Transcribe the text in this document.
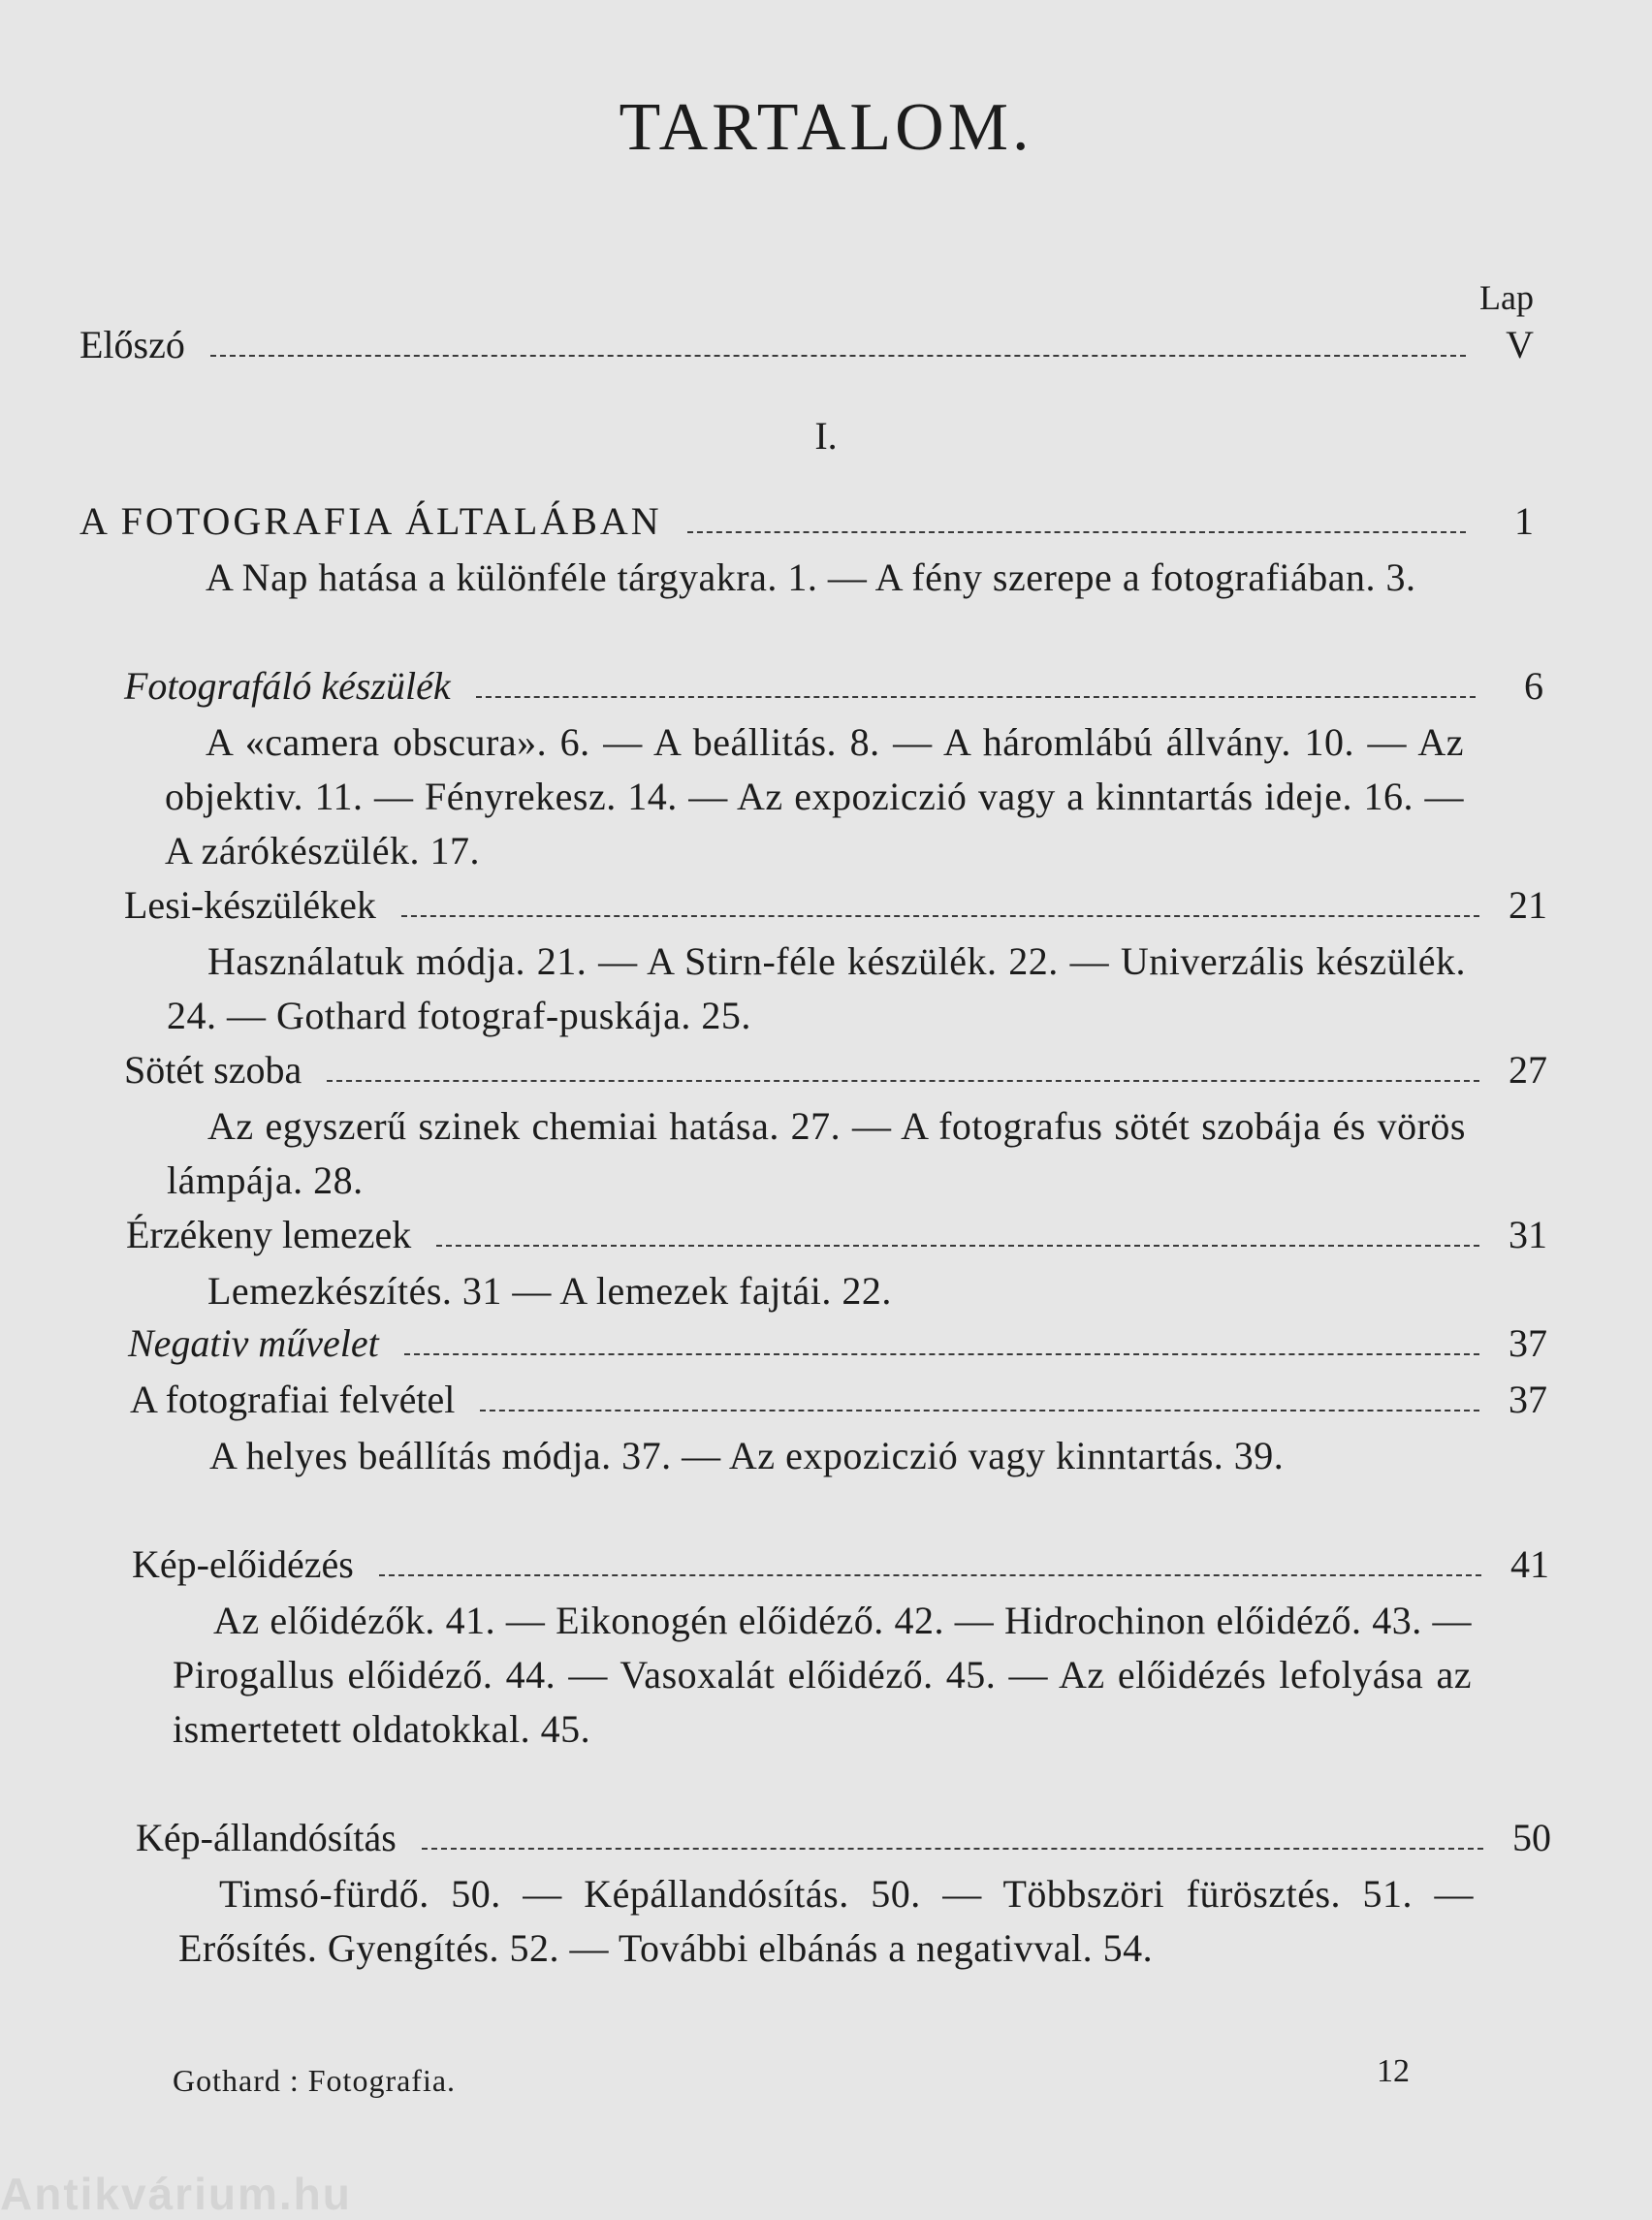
TARTALOM.
Lap
Előszó	V
I.
A FOTOGRAFIA ÁLTALÁBAN	1
A Nap hatása a különféle tárgyakra. 1. — A fény szerepe a fotografiában. 3.
Fotografáló készülék	6
A «camera obscura». 6. — A beállitás. 8. — A háromlábú állvány. 10. — Az objektiv. 11. — Fényrekesz. 14. — Az expoziczió vagy a kinntartás ideje. 16. — A zárókészülék. 17.
Lesi-készülékek	21
Használatuk módja. 21. — A Stirn-féle készülék. 22. — Univerzális készülék. 24. — Gothard fotograf-puskája. 25.
Sötét szoba	27
Az egyszerű szinek chemiai hatása. 27. — A fotografus sötét szobája és vörös lámpája. 28.
Érzékeny lemezek	31
Lemezkészítés. 31 — A lemezek fajtái. 22.
Negativ művelet	37
A fotografiai felvétel	37
A helyes beállítás módja. 37. — Az expoziczió vagy kinntartás. 39.
Kép-előidézés	41
Az előidézők. 41. — Eikonogén előidéző. 42. — Hidrochinon előidéző. 43. — Pirogallus előidéző. 44. — Vasoxalát előidéző. 45. — Az előidézés lefolyása az ismertetett oldatokkal. 45.
Kép-állandósítás	50
Timsó-fürdő. 50. — Képállandósítás. 50. — Többszöri fürösztés. 51. — Erősítés. Gyengítés. 52. — További elbánás a negativval. 54.
Gothard : Fotografia.	12
Antikvárium.hu
